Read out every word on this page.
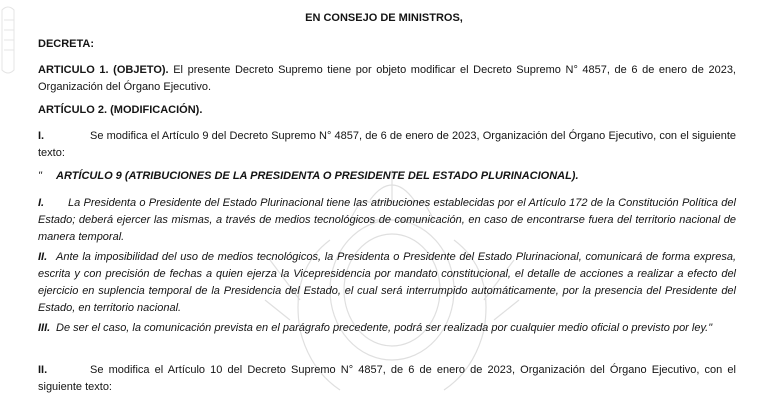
EN CONSEJO DE MINISTROS,

DECRETA:

ARTICULO 1. (OBJETO). El presente Decreto Supremo tiene por objeto modificar el Decreto Supremo N° 4857, de 6 de enero de 2023, Organización del Órgano Ejecutivo.

ARTÍCULO 2. (MODIFICACIÓN).

I.	Se modifica el Artículo 9 del Decreto Supremo N° 4857, de 6 de enero de 2023, Organización del Órgano Ejecutivo, con el siguiente texto:

" ARTÍCULO 9 (ATRIBUCIONES DE LA PRESIDENTA O PRESIDENTE DEL ESTADO PLURINACIONAL).

I. La Presidenta o Presidente del Estado Plurinacional tiene las atribuciones establecidas por el Artículo 172 de la Constitución Política del Estado; deberá ejercer las mismas, a través de medios tecnológicos de comunicación, en caso de encontrarse fuera del territorio nacional de manera temporal.

II. Ante la imposibilidad del uso de medios tecnológicos, la Presidenta o Presidente del Estado Plurinacional, comunicará de forma expresa, escrita y con precisión de fechas a quien ejerza la Vicepresidencia por mandato constitucional, el detalle de acciones a realizar a efecto del ejercicio en suplencia temporal de la Presidencia del Estado, el cual será interrumpido automáticamente, por la presencia del Presidente del Estado, en territorio nacional.

III. De ser el caso, la comunicación prevista en el parágrafo precedente, podrá ser realizada por cualquier medio oficial o previsto por ley."

II.	Se modifica el Artículo 10 del Decreto Supremo N° 4857, de 6 de enero de 2023, Organización del Órgano Ejecutivo, con el siguiente texto:
